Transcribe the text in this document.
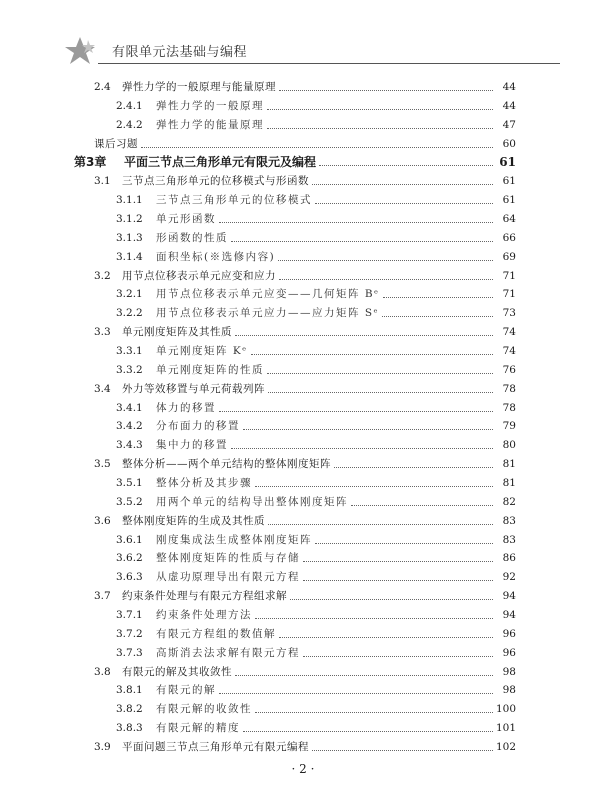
有限单元法基础与编程
2.4	弹性力学的一般原理与能量原理	44
2.4.1	弹性力学的一般原理	44
2.4.2	弹性力学的能量原理	47
课后习题	60
第3章	平面三节点三角形单元有限元及编程	61
3.1	三节点三角形单元的位移模式与形函数	61
3.1.1	三节点三角形单元的位移模式	61
3.1.2	单元形函数	64
3.1.3	形函数的性质	66
3.1.4	面积坐标(※选修内容)	69
3.2	用节点位移表示单元应变和应力	71
3.2.1	用节点位移表示单元应变——几何矩阵 Bᵉ	71
3.2.2	用节点位移表示单元应力——应力矩阵 Sᵉ	73
3.3	单元刚度矩阵及其性质	74
3.3.1	单元刚度矩阵 Kᵉ	74
3.3.2	单元刚度矩阵的性质	76
3.4	外力等效移置与单元荷载列阵	78
3.4.1	体力的移置	78
3.4.2	分布面力的移置	79
3.4.3	集中力的移置	80
3.5	整体分析——两个单元结构的整体刚度矩阵	81
3.5.1	整体分析及其步骤	81
3.5.2	用两个单元的结构导出整体刚度矩阵	82
3.6	整体刚度矩阵的生成及其性质	83
3.6.1	刚度集成法生成整体刚度矩阵	83
3.6.2	整体刚度矩阵的性质与存储	86
3.6.3	从虚功原理导出有限元方程	92
3.7	约束条件处理与有限元方程组求解	94
3.7.1	约束条件处理方法	94
3.7.2	有限元方程组的数值解	96
3.7.3	高斯消去法求解有限元方程	96
3.8	有限元的解及其收敛性	98
3.8.1	有限元的解	98
3.8.2	有限元解的收敛性	100
3.8.3	有限元解的精度	101
3.9	平面问题三节点三角形单元有限元编程	102
· 2 ·
